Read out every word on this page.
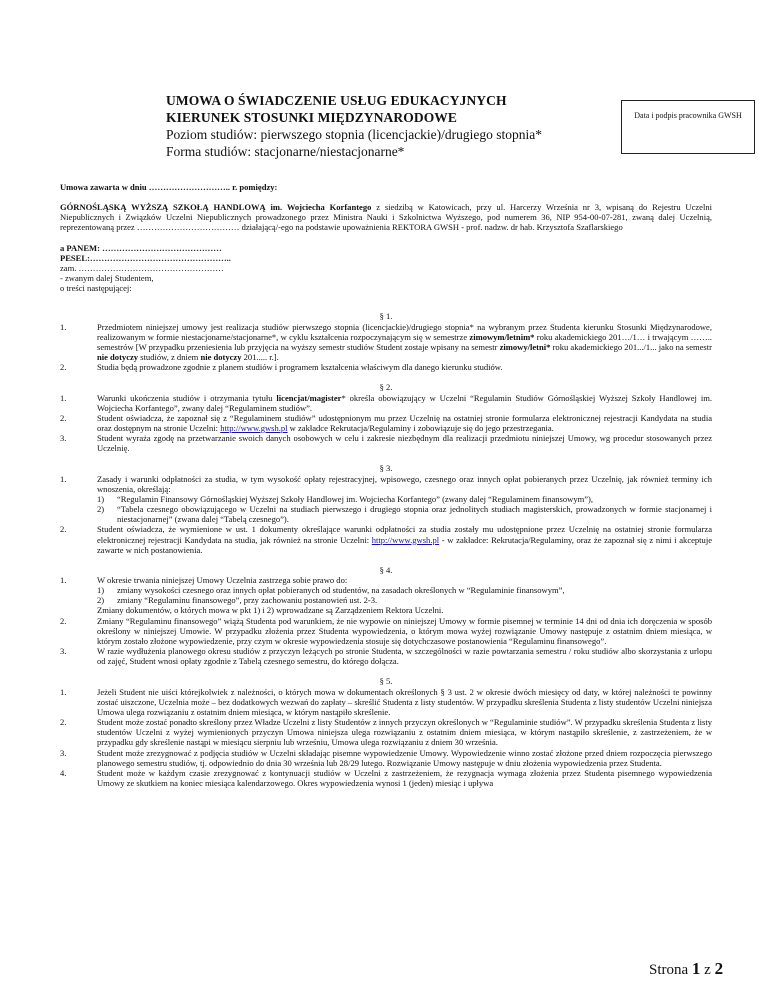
UMOWA O ŚWIADCZENIE USŁUG EDUKACYJNYCH
KIERUNEK STOSUNKI MIĘDZYNARODOWE
Poziom studiów: pierwszego stopnia (licencjackie)/drugiego stopnia*
Forma studiów: stacjonarne/niestacjonarne*
Data i podpis pracownika GWSH

Umowa zawarta w dniu ……………………….. r. pomiędzy:

GÓRNOŚLĄSKĄ WYŻSZĄ SZKOŁĄ HANDLOWĄ im. Wojciecha Korfantego z siedzibą w Katowicach, przy ul. Harcerzy Września nr 3, wpisaną do Rejestru Uczelni Niepublicznych i Związków Uczelni Niepublicznych prowadzonego przez Ministra Nauki i Szkolnictwa Wyższego, pod numerem 36, NIP 954-00-07-281, zwaną dalej Uczelnią, reprezentowaną przez ……………………………… działającą/-ego na podstawie upoważnienia REKTORA GWSH - prof. nadzw. dr hab. Krzysztofa Szaflarskiego

a PANEM: ……………………………………

PESEL:…………………………………………..

zam. ……………………………………………

- zwanym dalej Studentem,

o treści następującej:

§ 1.

1.	Przedmiotem niniejszej umowy jest realizacja studiów pierwszego stopnia (licencjackie)/drugiego stopnia* na wybranym przez Studenta kierunku Stosunki Międzynarodowe, realizowanym w formie niestacjonarne/stacjonarne*, w cyklu kształcenia rozpoczynającym się w semestrze zimowym/letnim* roku akademickiego 201…/1… i trwającym …….. semestrów [W przypadku przeniesienia lub przyjęcia na wyższy semestr studiów Student zostaje wpisany na semestr zimowy/letni* roku akademickiego 201.../1... jako na semestr nie dotyczy studiów, z dniem nie dotyczy 201..... r.].
2.	Studia będą prowadzone zgodnie z planem studiów i programem kształcenia właściwym dla danego kierunku studiów.

§ 2.

1.	Warunki ukończenia studiów i otrzymania tytułu licencjat/magister* określa obowiązujący w Uczelni “Regulamin Studiów Górnośląskiej Wyższej Szkoły Handlowej im. Wojciecha Korfantego”, zwany dalej “Regulaminem studiów”.
2.	Student oświadcza, że zapoznał się z “Regulaminem studiów” udostępnionym mu przez Uczelnię na ostatniej stronie formularza elektronicznej rejestracji Kandydata na studia oraz dostępnym na stronie Uczelni: http://www.gwsh.pl w zakładce Rekrutacja/Regulaminy i zobowiązuje się do jego przestrzegania.
3.	Student wyraża zgodę na przetwarzanie swoich danych osobowych w celu i zakresie niezbędnym dla realizacji przedmiotu niniejszej Umowy, wg procedur stosowanych przez Uczelnię.

§ 3.

1.	Zasady i warunki odpłatności za studia, w tym wysokość opłaty rejestracyjnej, wpisowego, czesnego oraz innych opłat pobieranych przez Uczelnię, jak również terminy ich wnoszenia, określają:
1)	“Regulamin Finansowy Górnośląskiej Wyższej Szkoły Handlowej im. Wojciecha Korfantego” (zwany dalej “Regulaminem finansowym”),
2)	“Tabela czesnego obowiązującego w Uczelni na studiach pierwszego i drugiego stopnia oraz jednolitych studiach magisterskich, prowadzonych w formie stacjonarnej i niestacjonarnej” (zwana dalej “Tabelą czesnego”).
2.	Student oświadcza, że wymienione w ust. 1 dokumenty określające warunki odpłatności za studia zostały mu udostępnione przez Uczelnię na ostatniej stronie formularza elektronicznej rejestracji Kandydata na studia, jak również na stronie Uczelni: http://www.gwsh.pl - w zakładce: Rekrutacja/Regulaminy, oraz że zapoznał się z nimi i akceptuje zawarte w nich postanowienia.

§ 4.

1.	W okresie trwania niniejszej Umowy Uczelnia zastrzega sobie prawo do:
1)	zmiany wysokości czesnego oraz innych opłat pobieranych od studentów, na zasadach określonych w “Regulaminie finansowym”,
2)	zmiany “Regulaminu finansowego”, przy zachowaniu postanowień ust. 2-3.
Zmiany dokumentów, o których mowa w pkt 1) i 2) wprowadzane są Zarządzeniem Rektora Uczelni.
2.	Zmiany “Regulaminu finansowego” wiążą Studenta pod warunkiem, że nie wypowie on niniejszej Umowy w formie pisemnej w terminie 14 dni od dnia ich doręczenia w sposób określony w niniejszej Umowie. W przypadku złożenia przez Studenta wypowiedzenia, o którym mowa wyżej rozwiązanie Umowy następuje z ostatnim dniem miesiąca, w którym zostało złożone wypowiedzenie, przy czym w okresie wypowiedzenia stosuje się dotychczasowe postanowienia “Regulaminu finansowego”.
3.	W razie wydłużenia planowego okresu studiów z przyczyn leżących po stronie Studenta, w szczególności w razie powtarzania semestru / roku studiów albo skorzystania z urlopu od zajęć, Student wnosi opłaty zgodnie z Tabelą czesnego semestru, do którego dołącza.

§ 5.

1.	Jeżeli Student nie uiści którejkolwiek z należności, o których mowa w dokumentach określonych § 3 ust. 2 w okresie dwóch miesięcy od daty, w której należności te powinny zostać uiszczone, Uczelnia może – bez dodatkowych wezwań do zapłaty – skreślić Studenta z listy studentów. W przypadku skreślenia Studenta z listy studentów Uczelni niniejsza Umowa ulega rozwiązaniu z ostatnim dniem miesiąca, w którym nastąpiło skreślenie.
2.	Student może zostać ponadto skreślony przez Władze Uczelni z listy Studentów z innych przyczyn określonych w “Regulaminie studiów”. W przypadku skreślenia Studenta z listy studentów Uczelni z wyżej wymienionych przyczyn Umowa niniejsza ulega rozwiązaniu z ostatnim dniem miesiąca, w którym nastąpiło skreślenie, z zastrzeżeniem, że w przypadku gdy skreślenie nastąpi w miesiącu sierpniu lub wrześniu, Umowa ulega rozwiązaniu z dniem 30 września.
3.	Student może zrezygnować z podjęcia studiów w Uczelni składając pisemne wypowiedzenie Umowy. Wypowiedzenie winno zostać złożone przed dniem rozpoczęcia pierwszego planowego semestru studiów, tj. odpowiednio do dnia 30 września lub 28/29 lutego. Rozwiązanie Umowy następuje w dniu złożenia wypowiedzenia przez Studenta.
4.	Student może w każdym czasie zrezygnować z kontynuacji studiów w Uczelni z zastrzeżeniem, że rezygnacja wymaga złożenia przez Studenta pisemnego wypowiedzenia Umowy ze skutkiem na koniec miesiąca kalendarzowego. Okres wypowiedzenia wynosi 1 (jeden) miesiąc i upływa
Strona 1 z 2
